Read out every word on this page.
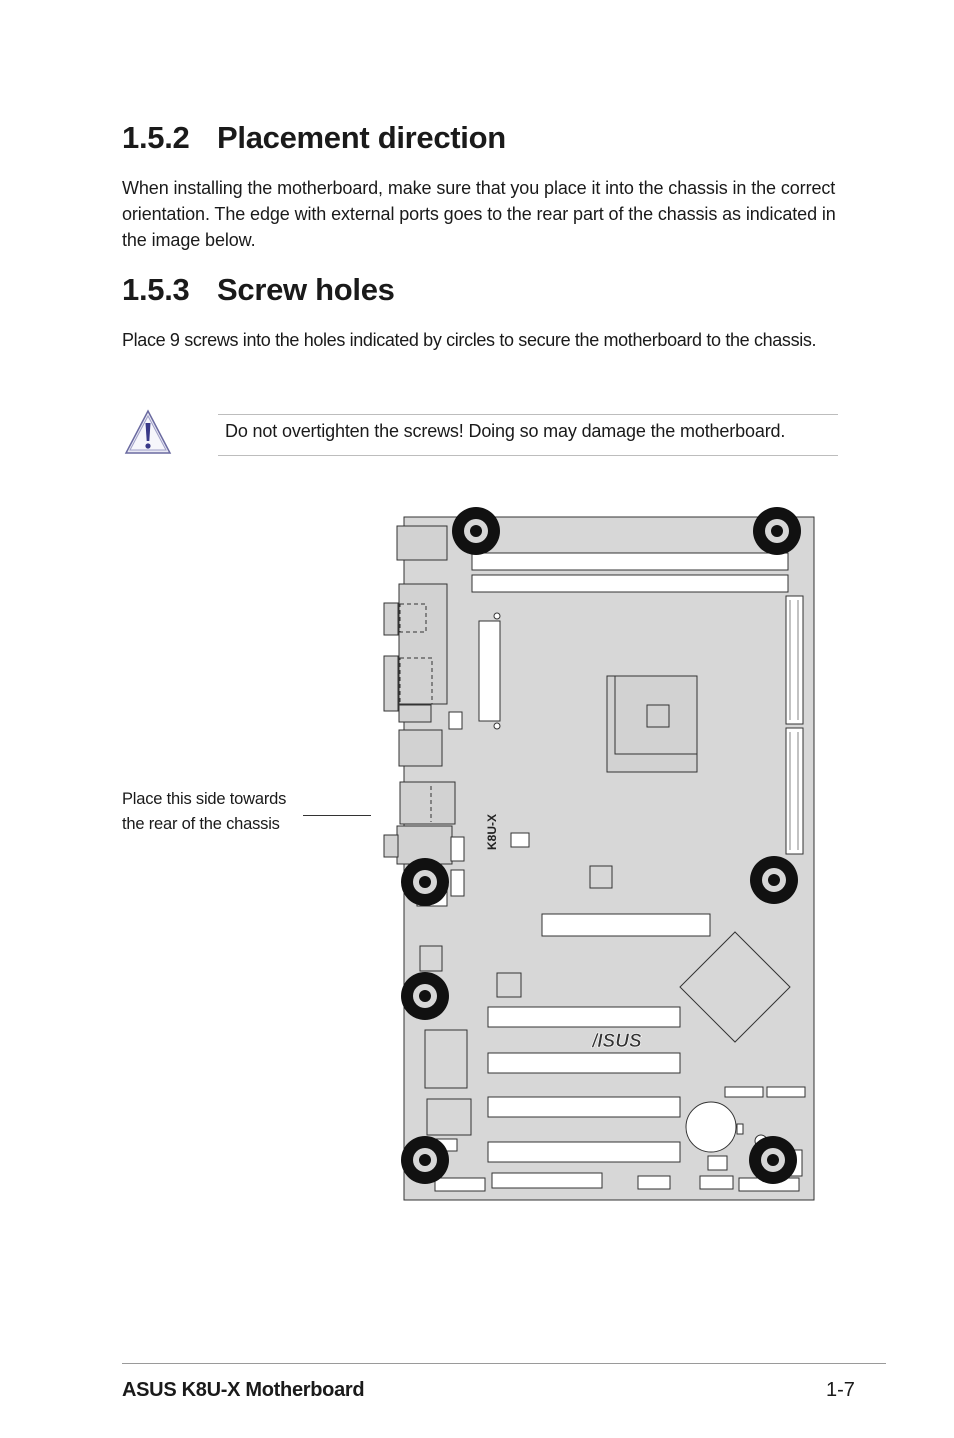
1.5.2 Placement direction

When installing the motherboard, make sure that you place it into the chassis in the correct orientation. The edge with external ports goes to the rear part of the chassis as indicated in the image below.

1.5.3 Screw holes

Place 9 screws into the holes indicated by circles to secure the motherboard to the chassis.

Do not overtighten the screws! Doing so may damage the motherboard.
Place this side towards
the rear of the chassis	K8U-X
/ISUS
ASUS K8U-X Motherboard	1-7
